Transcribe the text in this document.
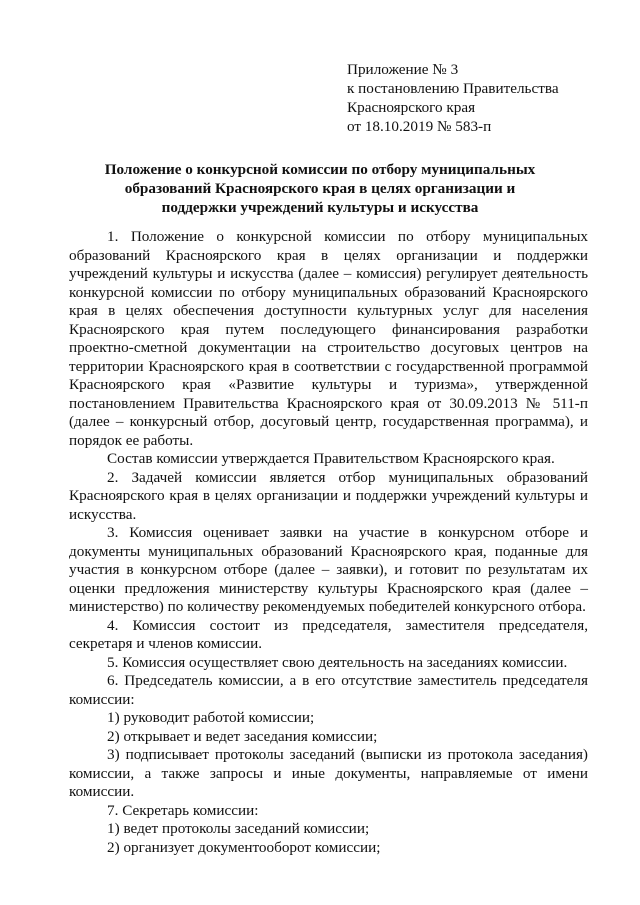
Приложение № 3
к постановлению Правительства
Красноярского края
от 18.10.2019 № 583-п
Положение о конкурсной комиссии по отбору муниципальных образований Красноярского края в целях организации и поддержки учреждений культуры и искусства

1. Положение о конкурсной комиссии по отбору муниципальных образований Красноярского края в целях организации и поддержки учреждений культуры и искусства (далее – комиссия) регулирует деятельность конкурсной комиссии по отбору муниципальных образований Красноярского края в целях обеспечения доступности культурных услуг для населения Красноярского края путем последующего финансирования разработки проектно-сметной документации на строительство досуговых центров на территории Красноярского края в соответствии с государственной программой Красноярского края «Развитие культуры и туризма», утвержденной постановлением Правительства Красноярского края от 30.09.2013 № 511-п (далее – конкурсный отбор, досуговый центр, государственная программа), и порядок ее работы.

Состав комиссии утверждается Правительством Красноярского края.

2. Задачей комиссии является отбор муниципальных образований Красноярского края в целях организации и поддержки учреждений культуры и искусства.

3. Комиссия оценивает заявки на участие в конкурсном отборе и документы муниципальных образований Красноярского края, поданные для участия в конкурсном отборе (далее – заявки), и готовит по результатам их оценки предложения министерству культуры Красноярского края (далее – министерство) по количеству рекомендуемых победителей конкурсного отбора.

4. Комиссия состоит из председателя, заместителя председателя, секретаря и членов комиссии.

5. Комиссия осуществляет свою деятельность на заседаниях комиссии.

6. Председатель комиссии, а в его отсутствие заместитель председателя комиссии:

1) руководит работой комиссии;

2) открывает и ведет заседания комиссии;

3) подписывает протоколы заседаний (выписки из протокола заседания) комиссии, а также запросы и иные документы, направляемые от имени комиссии.

7. Секретарь комиссии:

1) ведет протоколы заседаний комиссии;

2) организует документооборот комиссии;
